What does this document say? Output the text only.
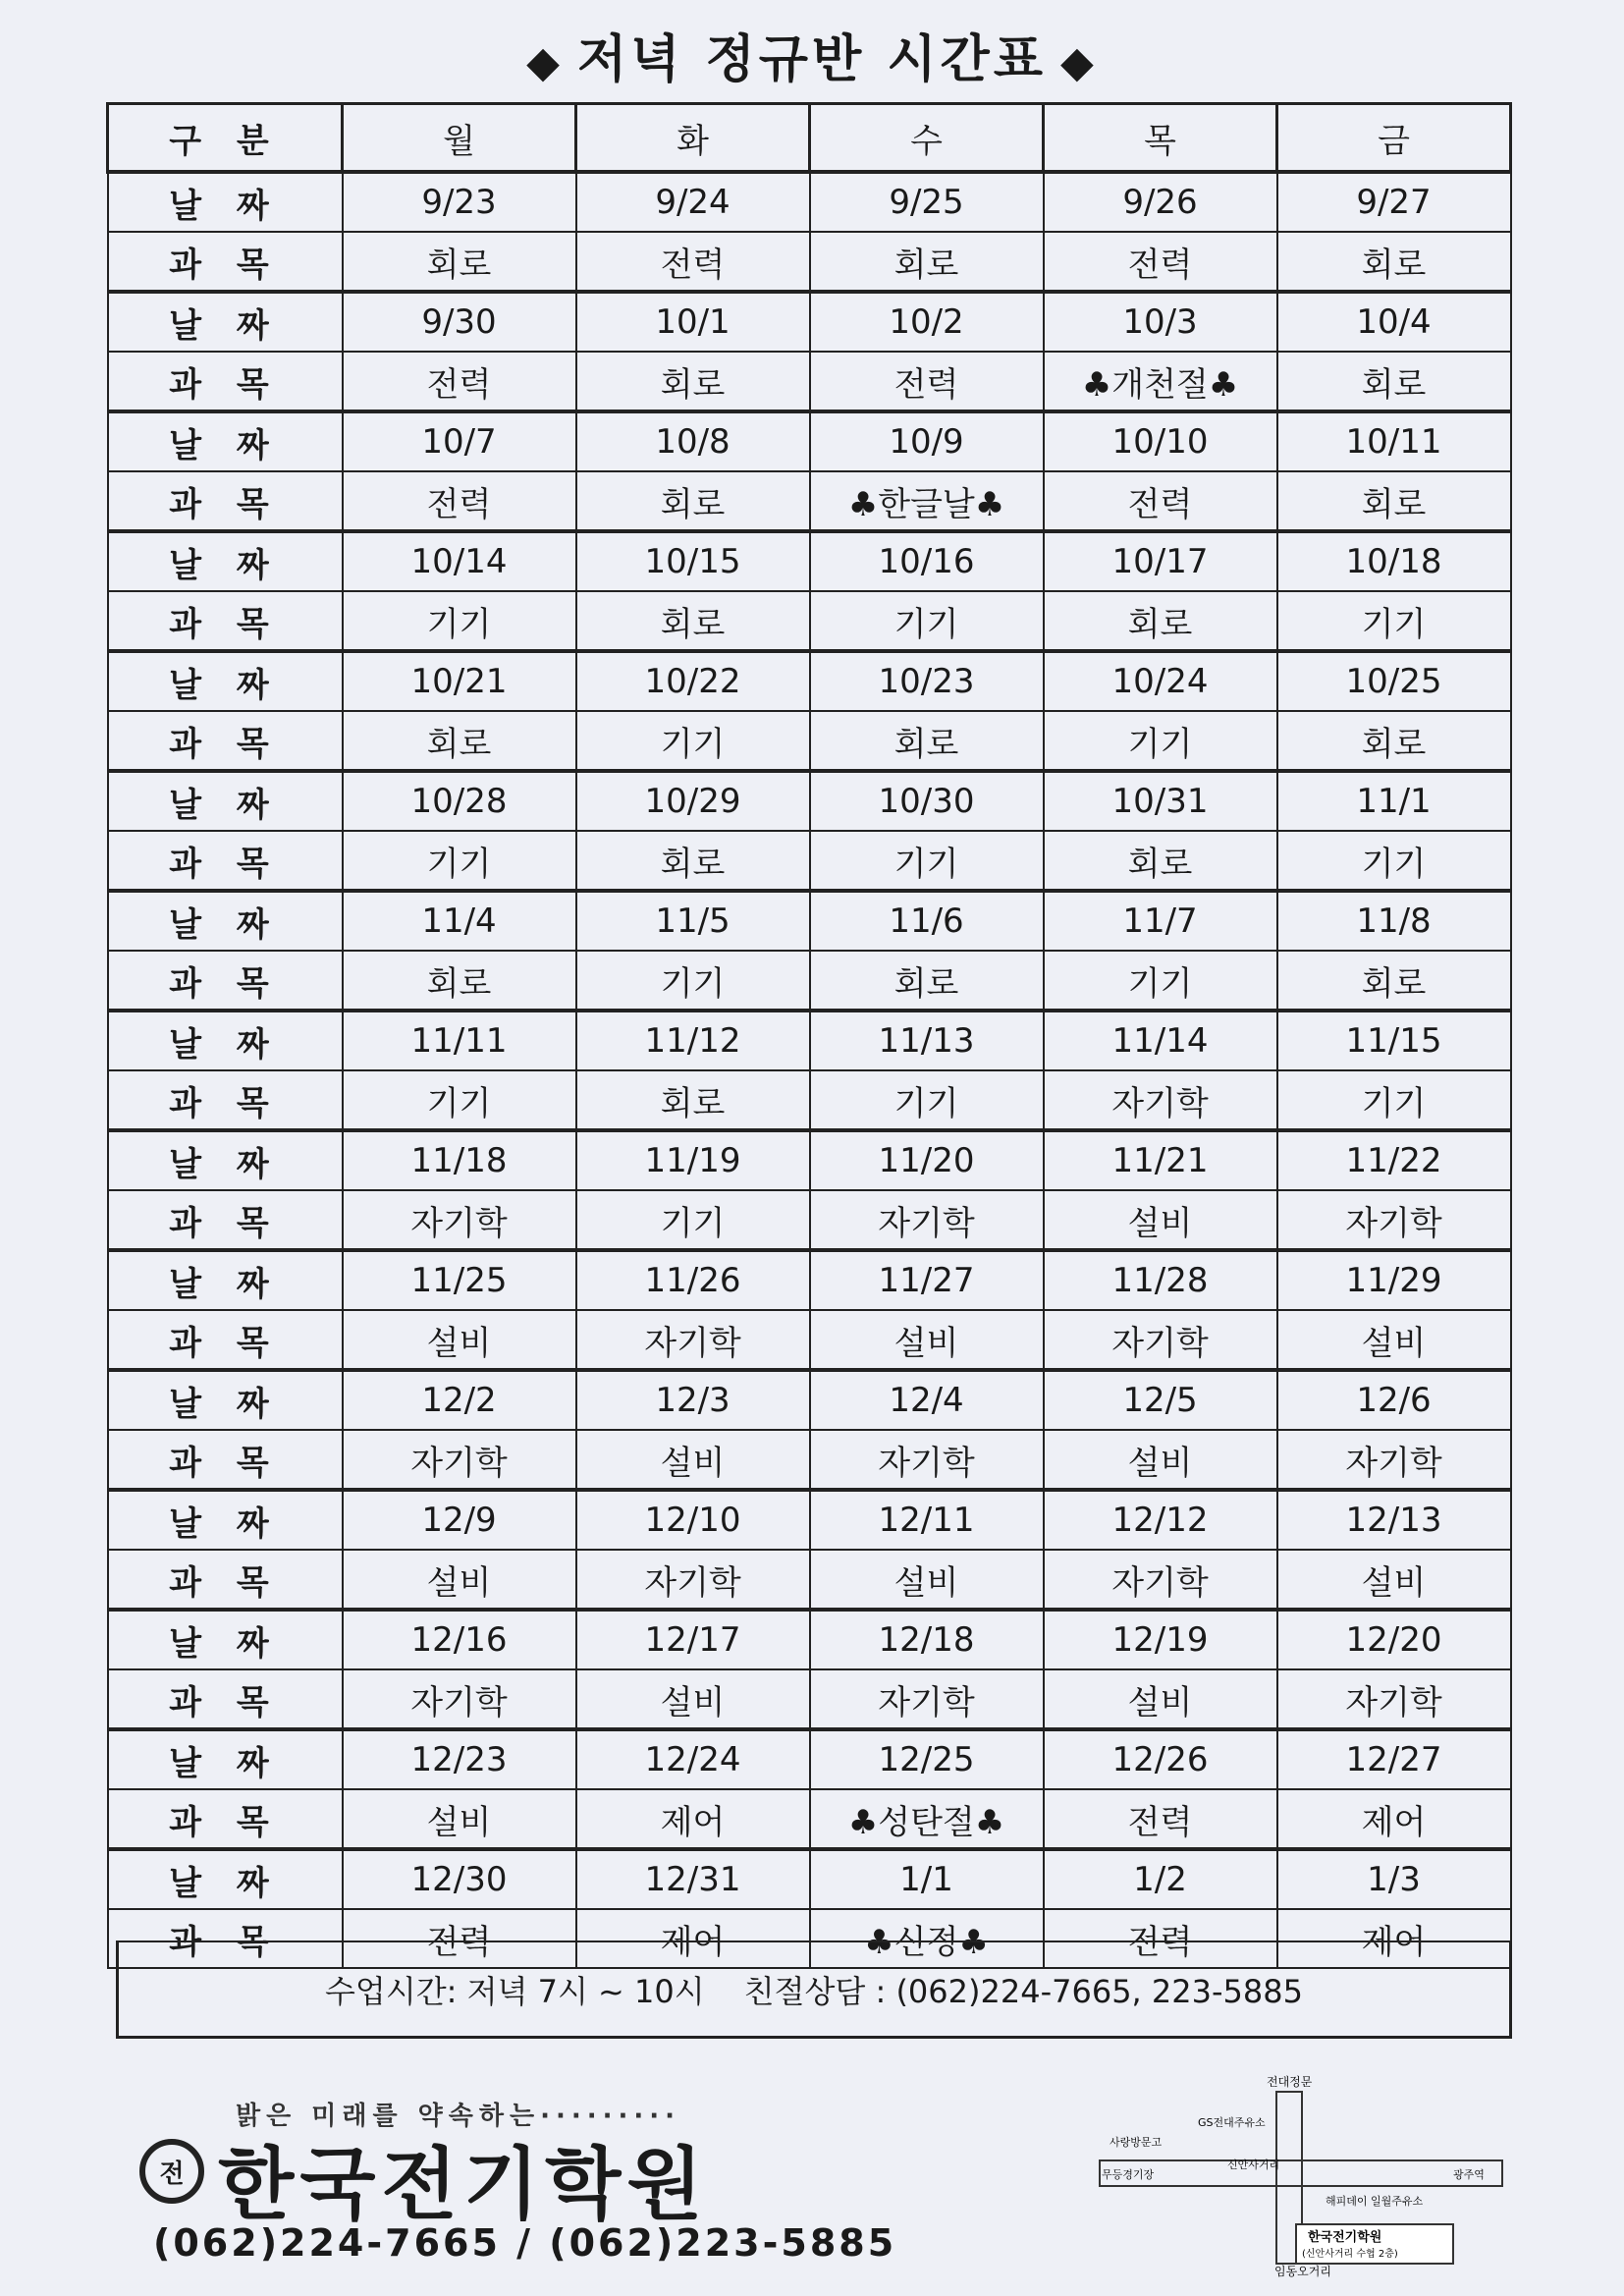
◆ 저녁 정규반 시간표 ◆
구 분	월	화	수	목	금
날 짜	9/23	9/24	9/25	9/26	9/27
과 목	회로	전력	회로	전력	회로
날 짜	9/30	10/1	10/2	10/3	10/4
과 목	전력	회로	전력	♣개천절♣	회로
날 짜	10/7	10/8	10/9	10/10	10/11
과 목	전력	회로	♣한글날♣	전력	회로
날 짜	10/14	10/15	10/16	10/17	10/18
과 목	기기	회로	기기	회로	기기
날 짜	10/21	10/22	10/23	10/24	10/25
과 목	회로	기기	회로	기기	회로
날 짜	10/28	10/29	10/30	10/31	11/1
과 목	기기	회로	기기	회로	기기
날 짜	11/4	11/5	11/6	11/7	11/8
과 목	회로	기기	회로	기기	회로
날 짜	11/11	11/12	11/13	11/14	11/15
과 목	기기	회로	기기	자기학	기기
날 짜	11/18	11/19	11/20	11/21	11/22
과 목	자기학	기기	자기학	설비	자기학
날 짜	11/25	11/26	11/27	11/28	11/29
과 목	설비	자기학	설비	자기학	설비
날 짜	12/2	12/3	12/4	12/5	12/6
과 목	자기학	설비	자기학	설비	자기학
날 짜	12/9	12/10	12/11	12/12	12/13
과 목	설비	자기학	설비	자기학	설비
날 짜	12/16	12/17	12/18	12/19	12/20
과 목	자기학	설비	자기학	설비	자기학
날 짜	12/23	12/24	12/25	12/26	12/27
과 목	설비	제어	♣성탄절♣	전력	제어
날 짜	12/30	12/31	1/1	1/2	1/3
과 목	전력	제어	♣신정♣	전력	제어
수업시간: 저녁 7시 ~ 10시 친절상담 : (062)224-7665, 223-5885
밝은 미래를 약속하는·········
전 한국전기학원
(062)224-7665 / (062)223-5885
전대정문
임동오거리
무등경기장	광주역
신안사거리
사랑방문고
GS전대주유소
해피데이 일월주유소
한국전기학원
(신안사거리 수협 2층)
